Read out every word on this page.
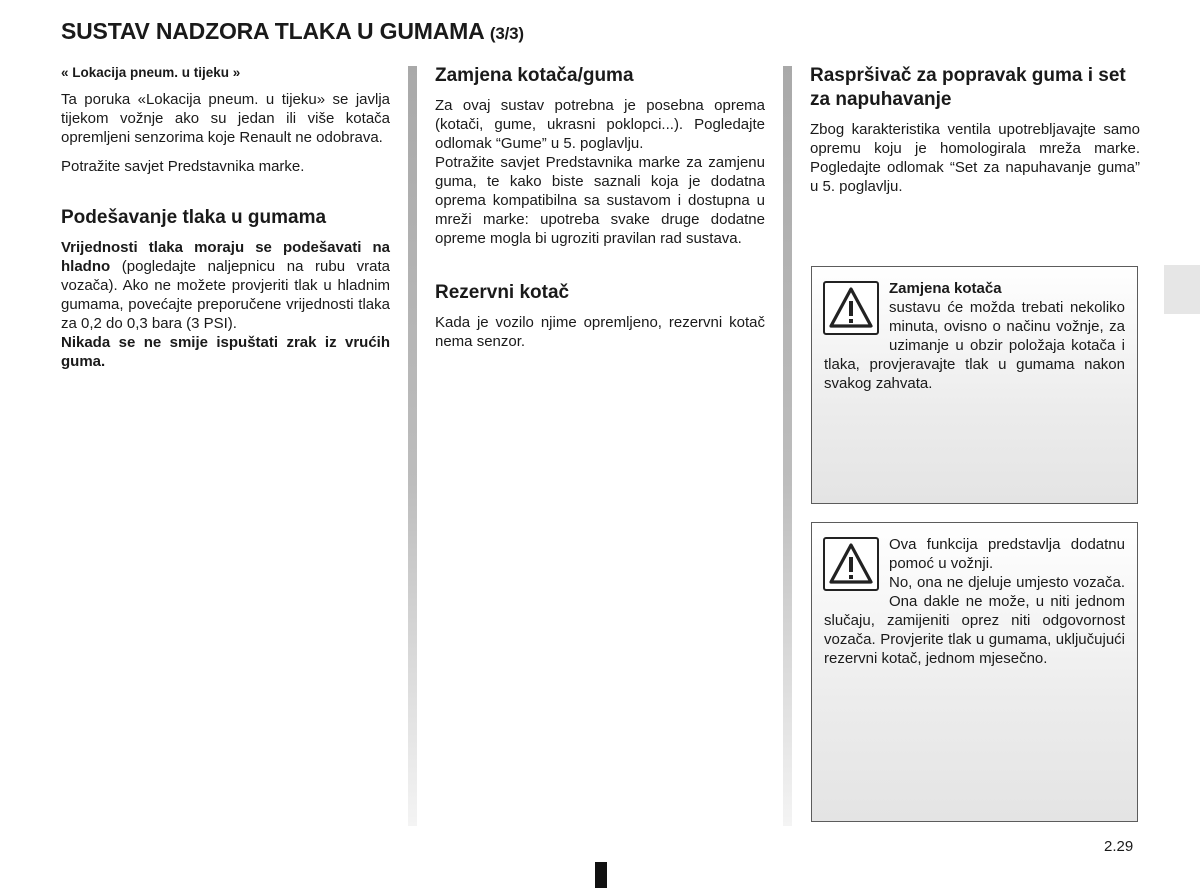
SUSTAV NADZORA TLAKA U GUMAMA (3/3)
« Lokacija pneum. u tijeku »

Ta poruka «Lokacija pneum. u tijeku» se javlja tijekom vožnje ako su jedan ili više kotača opremljeni senzorima koje Renault ne odobrava.

Potražite savjet Predstavnika marke.

Podešavanje tlaka u gumama

Vrijednosti tlaka moraju se podešavati na hladno (pogledajte naljepnicu na rubu vrata vozača). Ako ne možete provjeriti tlak u hladnim gumama, povećajte preporučene vrijednosti tlaka za 0,2 do 0,3 bara (3 PSI).

Nikada se ne smije ispuštati zrak iz vrućih guma.

Zamjena kotača/guma

Za ovaj sustav potrebna je posebna oprema (kotači, gume, ukrasni poklopci...). Pogledajte odlomak “Gume” u 5. poglavlju.

Potražite savjet Predstavnika marke za zamjenu guma, te kako biste saznali koja je dodatna oprema kompatibilna sa sustavom i dostupna u mreži marke: upotreba svake druge dodatne opreme mogla bi ugroziti pravilan rad sustava.

Rezervni kotač

Kada je vozilo njime opremljeno, rezervni kotač nema senzor.

Raspršivač za popravak guma i set za napuhavanje

Zbog karakteristika ventila upotrebljavajte samo opremu koju je homologirala mreža marke. Pogledajte odlomak “Set za napuhavanje guma” u 5. poglavlju.

Zamjena kotača
sustavu će možda trebati nekoliko minuta, ovisno o načinu vožnje, za uzimanje u obzir položaja kotača i tlaka, provjeravajte tlak u gumama nakon svakog zahvata.

Ova funkcija predstavlja dodatnu pomoć u vožnji.

No, ona ne djeluje umjesto vozača. Ona dakle ne može, u niti jednom slučaju, zamijeniti oprez niti odgovornost vozača. Provjerite tlak u gumama, uključujući rezervni kotač, jednom mjesečno.

2.29
